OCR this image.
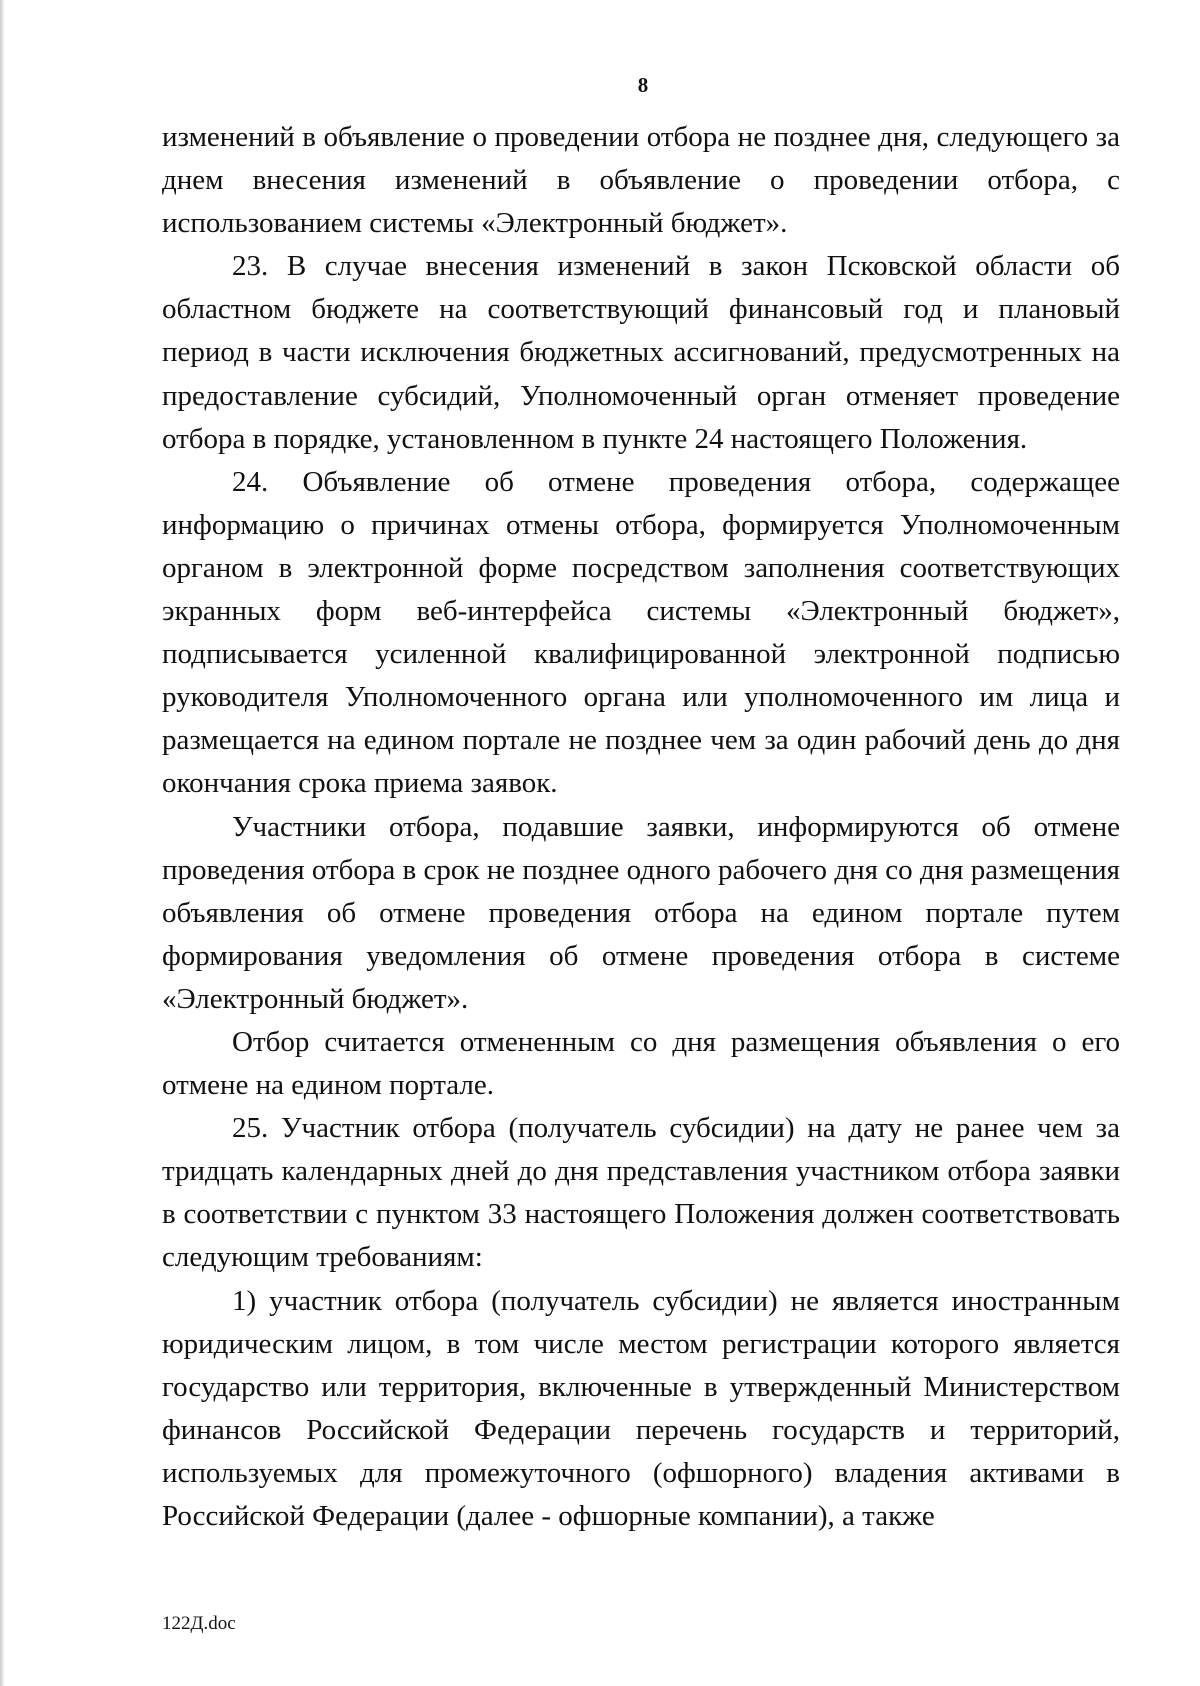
8

изменений в объявление о проведении отбора не позднее дня, следующего за днем внесения изменений в объявление о проведении отбора, с использованием системы «Электронный бюджет».

23. В случае внесения изменений в закон Псковской области об областном бюджете на соответствующий финансовый год и плановый период в части исключения бюджетных ассигнований, предусмотренных на предоставление субсидий, Уполномоченный орган отменяет проведение отбора в порядке, установленном в пункте 24 настоящего Положения.

24. Объявление об отмене проведения отбора, содержащее информацию о причинах отмены отбора, формируется Уполномоченным органом в электронной форме посредством заполнения соответствующих экранных форм веб-интерфейса системы «Электронный бюджет», подписывается усиленной квалифицированной электронной подписью руководителя Уполномоченного органа или уполномоченного им лица и размещается на едином портале не позднее чем за один рабочий день до дня окончания срока приема заявок.

Участники отбора, подавшие заявки, информируются об отмене проведения отбора в срок не позднее одного рабочего дня со дня размещения объявления об отмене проведения отбора на едином портале путем формирования уведомления об отмене проведения отбора в системе «Электронный бюджет».

Отбор считается отмененным со дня размещения объявления о его отмене на едином портале.

25. Участник отбора (получатель субсидии) на дату не ранее чем за тридцать календарных дней до дня представления участником отбора заявки в соответствии с пунктом 33 настоящего Положения должен соответствовать следующим требованиям:

1) участник отбора (получатель субсидии) не является иностранным юридическим лицом, в том числе местом регистрации которого является государство или территория, включенные в утвержденный Министерством финансов Российской Федерации перечень государств и территорий, используемых для промежуточного (офшорного) владения активами в Российской Федерации (далее - офшорные компании), а также

122Д.doc
